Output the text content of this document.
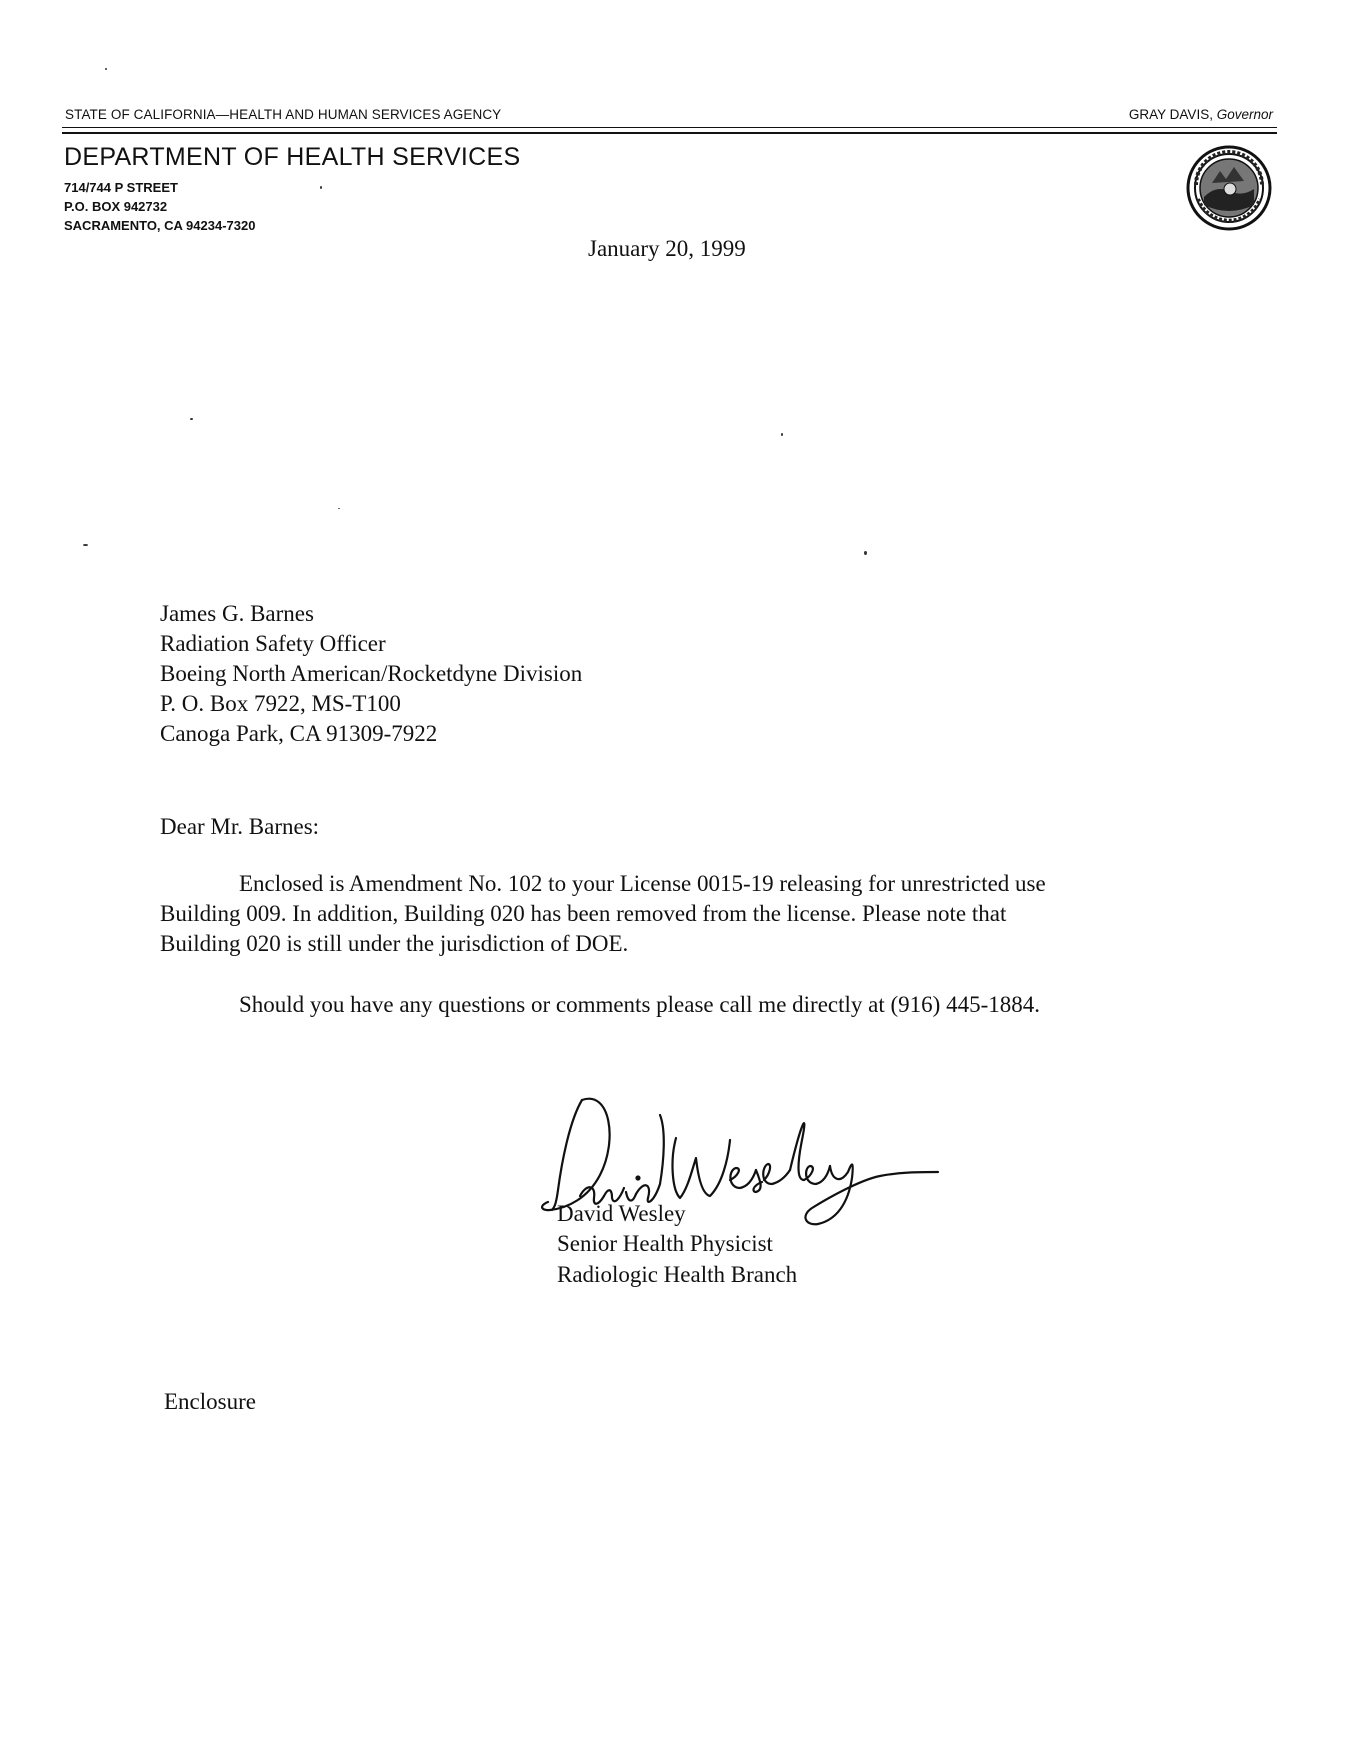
STATE OF CALIFORNIA—HEALTH AND HUMAN SERVICES AGENCY	GRAY DAVIS, Governor
DEPARTMENT OF HEALTH SERVICES
714/744 P STREET
P.O. BOX 942732
SACRAMENTO, CA 94234-7320
January 20, 1999
James G. Barnes
Radiation Safety Officer
Boeing North American/Rocketdyne Division
P. O. Box 7922, MS-T100
Canoga Park, CA 91309-7922
Dear Mr. Barnes:
Enclosed is Amendment No. 102 to your License 0015-19 releasing for unrestricted use
Building 009. In addition, Building 020 has been removed from the license. Please note that
Building 020 is still under the jurisdiction of DOE.
Should you have any questions or comments please call me directly at (916) 445-1884.
David Wesley
Senior Health Physicist
Radiologic Health Branch
Enclosure
